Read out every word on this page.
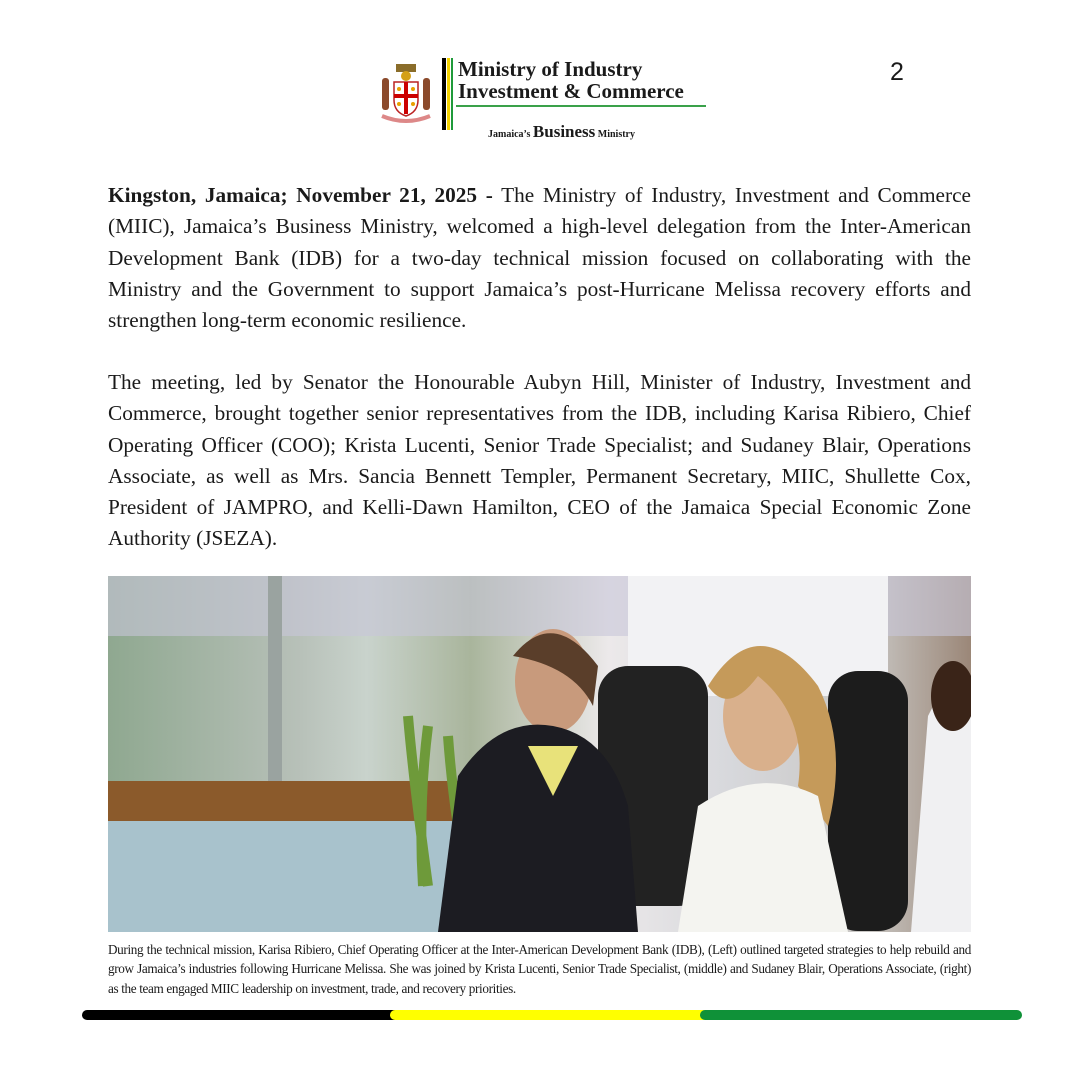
Ministry of Industry
Investment & Commerce
Jamaica’s Business Ministry
2

Kingston, Jamaica; November 21, 2025 - The Ministry of Industry, Investment and Commerce (MIIC), Jamaica’s Business Ministry, welcomed a high-level delegation from the Inter-American Development Bank (IDB) for a two-day technical mission focused on collaborating with the Ministry and the Government to support Jamaica’s post-Hurricane Melissa recovery efforts and strengthen long-term economic resilience.

The meeting, led by Senator the Honourable Aubyn Hill, Minister of Industry, Investment and Commerce, brought together senior representatives from the IDB, including Karisa Ribiero, Chief Operating Officer (COO); Krista Lucenti, Senior Trade Specialist; and Sudaney Blair, Operations Associate, as well as Mrs. Sancia Bennett Templer, Permanent Secretary, MIIC, Shullette Cox, President of JAMPRO, and Kelli-Dawn Hamilton, CEO of the Jamaica Special Economic Zone Authority (JSEZA).

During the technical mission, Karisa Ribiero, Chief Operating Officer at the Inter-American Development Bank (IDB), (Left) outlined targeted strategies to help rebuild and grow Jamaica’s industries following Hurricane Melissa. She was joined by Krista Lucenti, Senior Trade Specialist, (middle) and Sudaney Blair, Operations Associate, (right) as the team engaged MIIC leadership on investment, trade, and recovery priorities.
